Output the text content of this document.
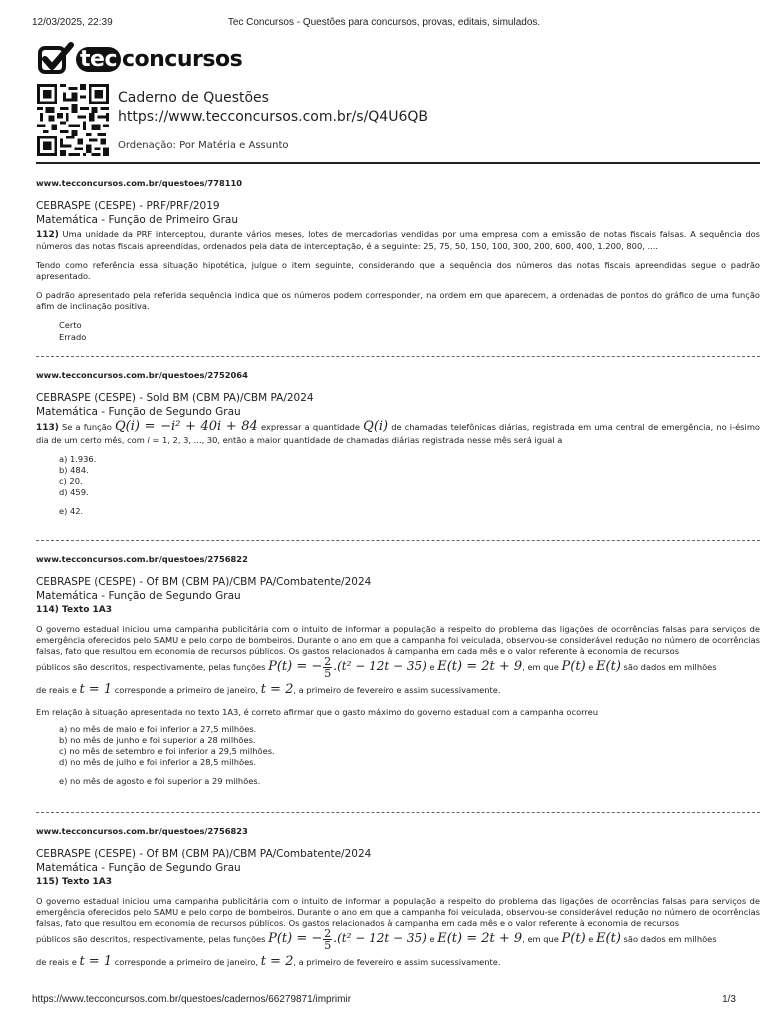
12/03/2025, 22:39	Tec Concursos - Questões para concursos, provas, editais, simulados.
tec concursos
Caderno de Questões
https://www.tecconcursos.com.br/s/Q4U6QB
Ordenação: Por Matéria e Assunto
www.tecconcursos.com.br/questoes/778110
CEBRASPE (CESPE) - PRF/PRF/2019
Matemática - Função de Primeiro Grau

112) Uma unidade da PRF interceptou, durante vários meses, lotes de mercadorias vendidas por uma empresa com a emissão de notas fiscais falsas. A sequência dos números das notas fiscais apreendidas, ordenados pela data de interceptação, é a seguinte: 25, 75, 50, 150, 100, 300, 200, 600, 400, 1.200, 800, ....

Tendo como referência essa situação hipotética, julgue o item seguinte, considerando que a sequência dos números das notas fiscais apreendidas segue o padrão apresentado.

O padrão apresentado pela referida sequência indica que os números podem corresponder, na ordem em que aparecem, a ordenadas de pontos do gráfico de uma função afim de inclinação positiva.

Certo
Errado
www.tecconcursos.com.br/questoes/2752064
CEBRASPE (CESPE) - Sold BM (CBM PA)/CBM PA/2024
Matemática - Função de Segundo Grau

113) Se a função Q(i) = −i² + 40i + 84 expressar a quantidade Q(i) de chamadas telefônicas diárias, registrada em uma central de emergência, no i-ésimo dia de um certo mês, com i = 1, 2, 3, ..., 30, então a maior quantidade de chamadas diárias registrada nesse mês será igual a

a) 1.936.
b) 484.
c) 20.
d) 459.
e) 42.
www.tecconcursos.com.br/questoes/2756822
CEBRASPE (CESPE) - Of BM (CBM PA)/CBM PA/Combatente/2024
Matemática - Função de Segundo Grau
114) Texto 1A3

O governo estadual iniciou uma campanha publicitária com o intuito de informar a população a respeito do problema das ligações de ocorrências falsas para serviços de emergência oferecidos pelo SAMU e pelo corpo de bombeiros. Durante o ano em que a campanha foi veiculada, observou-se considerável redução no número de ocorrências falsas, fato que resultou em economia de recursos públicos. Os gastos relacionados à campanha em cada mês e o valor referente à economia de recursos

públicos são descritos, respectivamente, pelas funções P(t) = − $\frac{2}{5} .(t^2 - 12t - 35)$ e E(t) = 2t + 9, em que P(t) e E(t) são dados em milhões
de reais e t = 1 corresponde a primeiro de janeiro, t = 2, a primeiro de fevereiro e assim sucessivamente.

Em relação à situação apresentada no texto 1A3, é correto afirmar que o gasto máximo do governo estadual com a campanha ocorreu

a) no mês de maio e foi inferior a 27,5 milhões.
b) no mês de junho e foi superior a 28 milhões.
c) no mês de setembro e foi inferior a 29,5 milhões.
d) no mês de julho e foi inferior a 28,5 milhões.
e) no mês de agosto e foi superior a 29 milhões.
www.tecconcursos.com.br/questoes/2756823
CEBRASPE (CESPE) - Of BM (CBM PA)/CBM PA/Combatente/2024
Matemática - Função de Segundo Grau
115) Texto 1A3

O governo estadual iniciou uma campanha publicitária com o intuito de informar a população a respeito do problema das ligações de ocorrências falsas para serviços de emergência oferecidos pelo SAMU e pelo corpo de bombeiros. Durante o ano em que a campanha foi veiculada, observou-se considerável redução no número de ocorrências falsas, fato que resultou em economia de recursos públicos. Os gastos relacionados à campanha em cada mês e o valor referente à economia de recursos

públicos são descritos, respectivamente, pelas funções P(t) = − $\frac{2}{5} .(t^2 - 12t - 35)$ e E(t) = 2t + 9, em que P(t) e E(t) são dados em milhões
de reais e t = 1 corresponde a primeiro de janeiro, t = 2, a primeiro de fevereiro e assim sucessivamente.

https://www.tecconcursos.com.br/questoes/cadernos/66279871/imprimir	1/3
